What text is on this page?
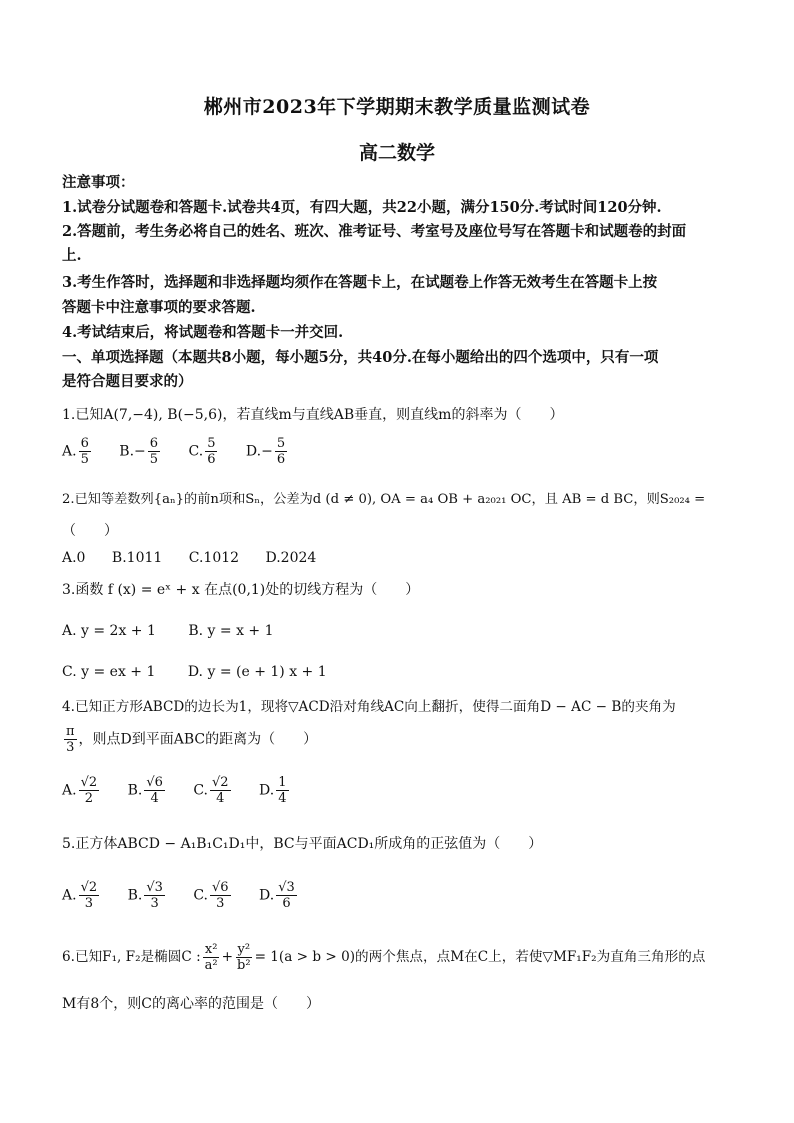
郴州市2023年下学期期末教学质量监测试卷
高二数学
注意事项：
1.试卷分试题卷和答题卡.试卷共4页，有四大题，共22小题，满分150分.考试时间120分钟.
2.答题前，考生务必将自己的姓名、班次、准考证号、考室号及座位号写在答题卡和试题卷的封面
上.
3.考生作答时，选择题和非选择题均须作在答题卡上，在试题卷上作答无效考生在答题卡上按
答题卡中注意事项的要求答题.
4.考试结束后，将试题卷和答题卡一并交回.
一、单项选择题（本题共8小题，每小题5分，共40分.在每小题给出的四个选项中，只有一项
是符合题目要求的）
1.已知A(7,−4), B(−5,6)，若直线m与直线AB垂直，则直线m的斜率为（　　）
A. $\frac{6}{5} B.- \frac{6}{5} C$. $\frac{5}{6} D.- \frac{5}{6}$
2.已知等差数列{aₙ}的前n项和Sₙ，公差为d (d ≠ 0), OA = a₄ OB + a₂₀₂₁ OC，且 AB = d BC，则S₂₀₂₄ =
（　　）
A.0 B.1011 C.1012 D.2024
3.函数 f (x) = eˣ + x 在点(0,1)处的切线方程为（　　）
A. y = 2x + 1 B. y = x + 1
C. y = ex + 1 D. y = (e + 1) x + 1
4.已知正方形ABCD的边长为1，现将▽ACD沿对角线AC向上翻折，使得二面角D − AC − B的夹角为
$\frac{\pi}{3}$ ，则点D到平面ABC的距离为（　　）
A. $\frac{√2}{2} B$. $\frac{√6}{4} C$. $\frac{√2}{4} D$. $\frac{1}{4}$
5.正方体ABCD − A₁B₁C₁D₁中，BC与平面ACD₁所成角的正弦值为（　　）
A. $\frac{√2}{3} B$. $\frac{√3}{3} C$. $\frac{√6}{3} D$. $\frac{√3}{6}$
6.已知F₁, F₂是椭圆C : $\frac{\text{x²}}{\text{a²}} + \frac{\text{y²}}{\text{b²}} = 1(a > b > 0)$的两个焦点，点M在C上，若使▽MF₁F₂为直角三角形的点
M有8个，则C的离心率的范围是（　　）
